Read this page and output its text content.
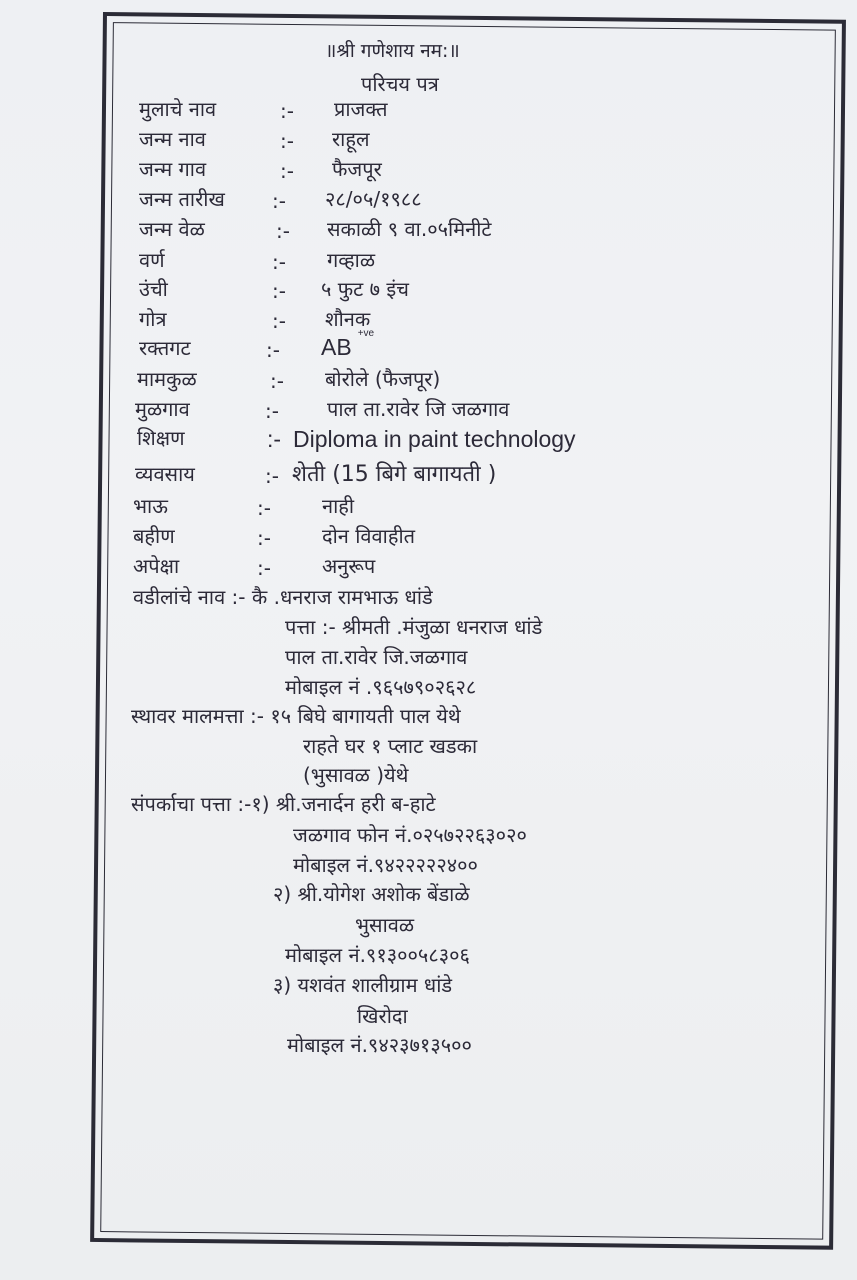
॥श्री गणेशाय नम:॥
परिचय पत्र
मुलाचे नाव	:- प्राजक्त
जन्म नाव	:- राहूल
जन्म गाव	:- फैजपूर
जन्म तारीख :- २८/०५/१९८८
जन्म वेळ	:- सकाळी ९ वा.०५मिनीटे
वर्ण	:- गव्हाळ
उंची	:- ५ फुट ७ इंच
गोत्र	:- शौनक
रक्तगट	:- $AB^{+ve}$
मामकुळ	:- बोरोले (फैजपूर)
मुळगाव	:- पाल ता.रावेर जि जळगाव
शिक्षण	:- Diploma in paint technology
व्यवसाय	:- शेती (15 बिगे बागायती )
भाऊ	:-	नाही
बहीण	:-	दोन विवाहीत
अपेक्षा	:-	अनुरूप
वडीलांचे नाव :- कै .धनराज रामभाऊ धांडे
पत्ता :- श्रीमती .मंजुळा धनराज धांडे
पाल ता.रावेर जि.जळगाव
मोबाइल नं .९६५७९०२६२८
स्थावर मालमत्ता :- १५ बिघे बागायती पाल येथे
राहते घर १ प्लाट खडका
(भुसावळ )येथे
संपर्काचा पत्ता :-१) श्री.जनार्दन हरी ब-हाटे
जळगाव फोन नं.०२५७२२६३०२०
मोबाइल नं.९४२२२२२४००
२) श्री.योगेश अशोक बेंडाळे
भुसावळ
मोबाइल नं.९१३००५८३०६
३) यशवंत शालीग्राम धांडे
खिरोदा
मोबाइल नं.९४२३७१३५००
